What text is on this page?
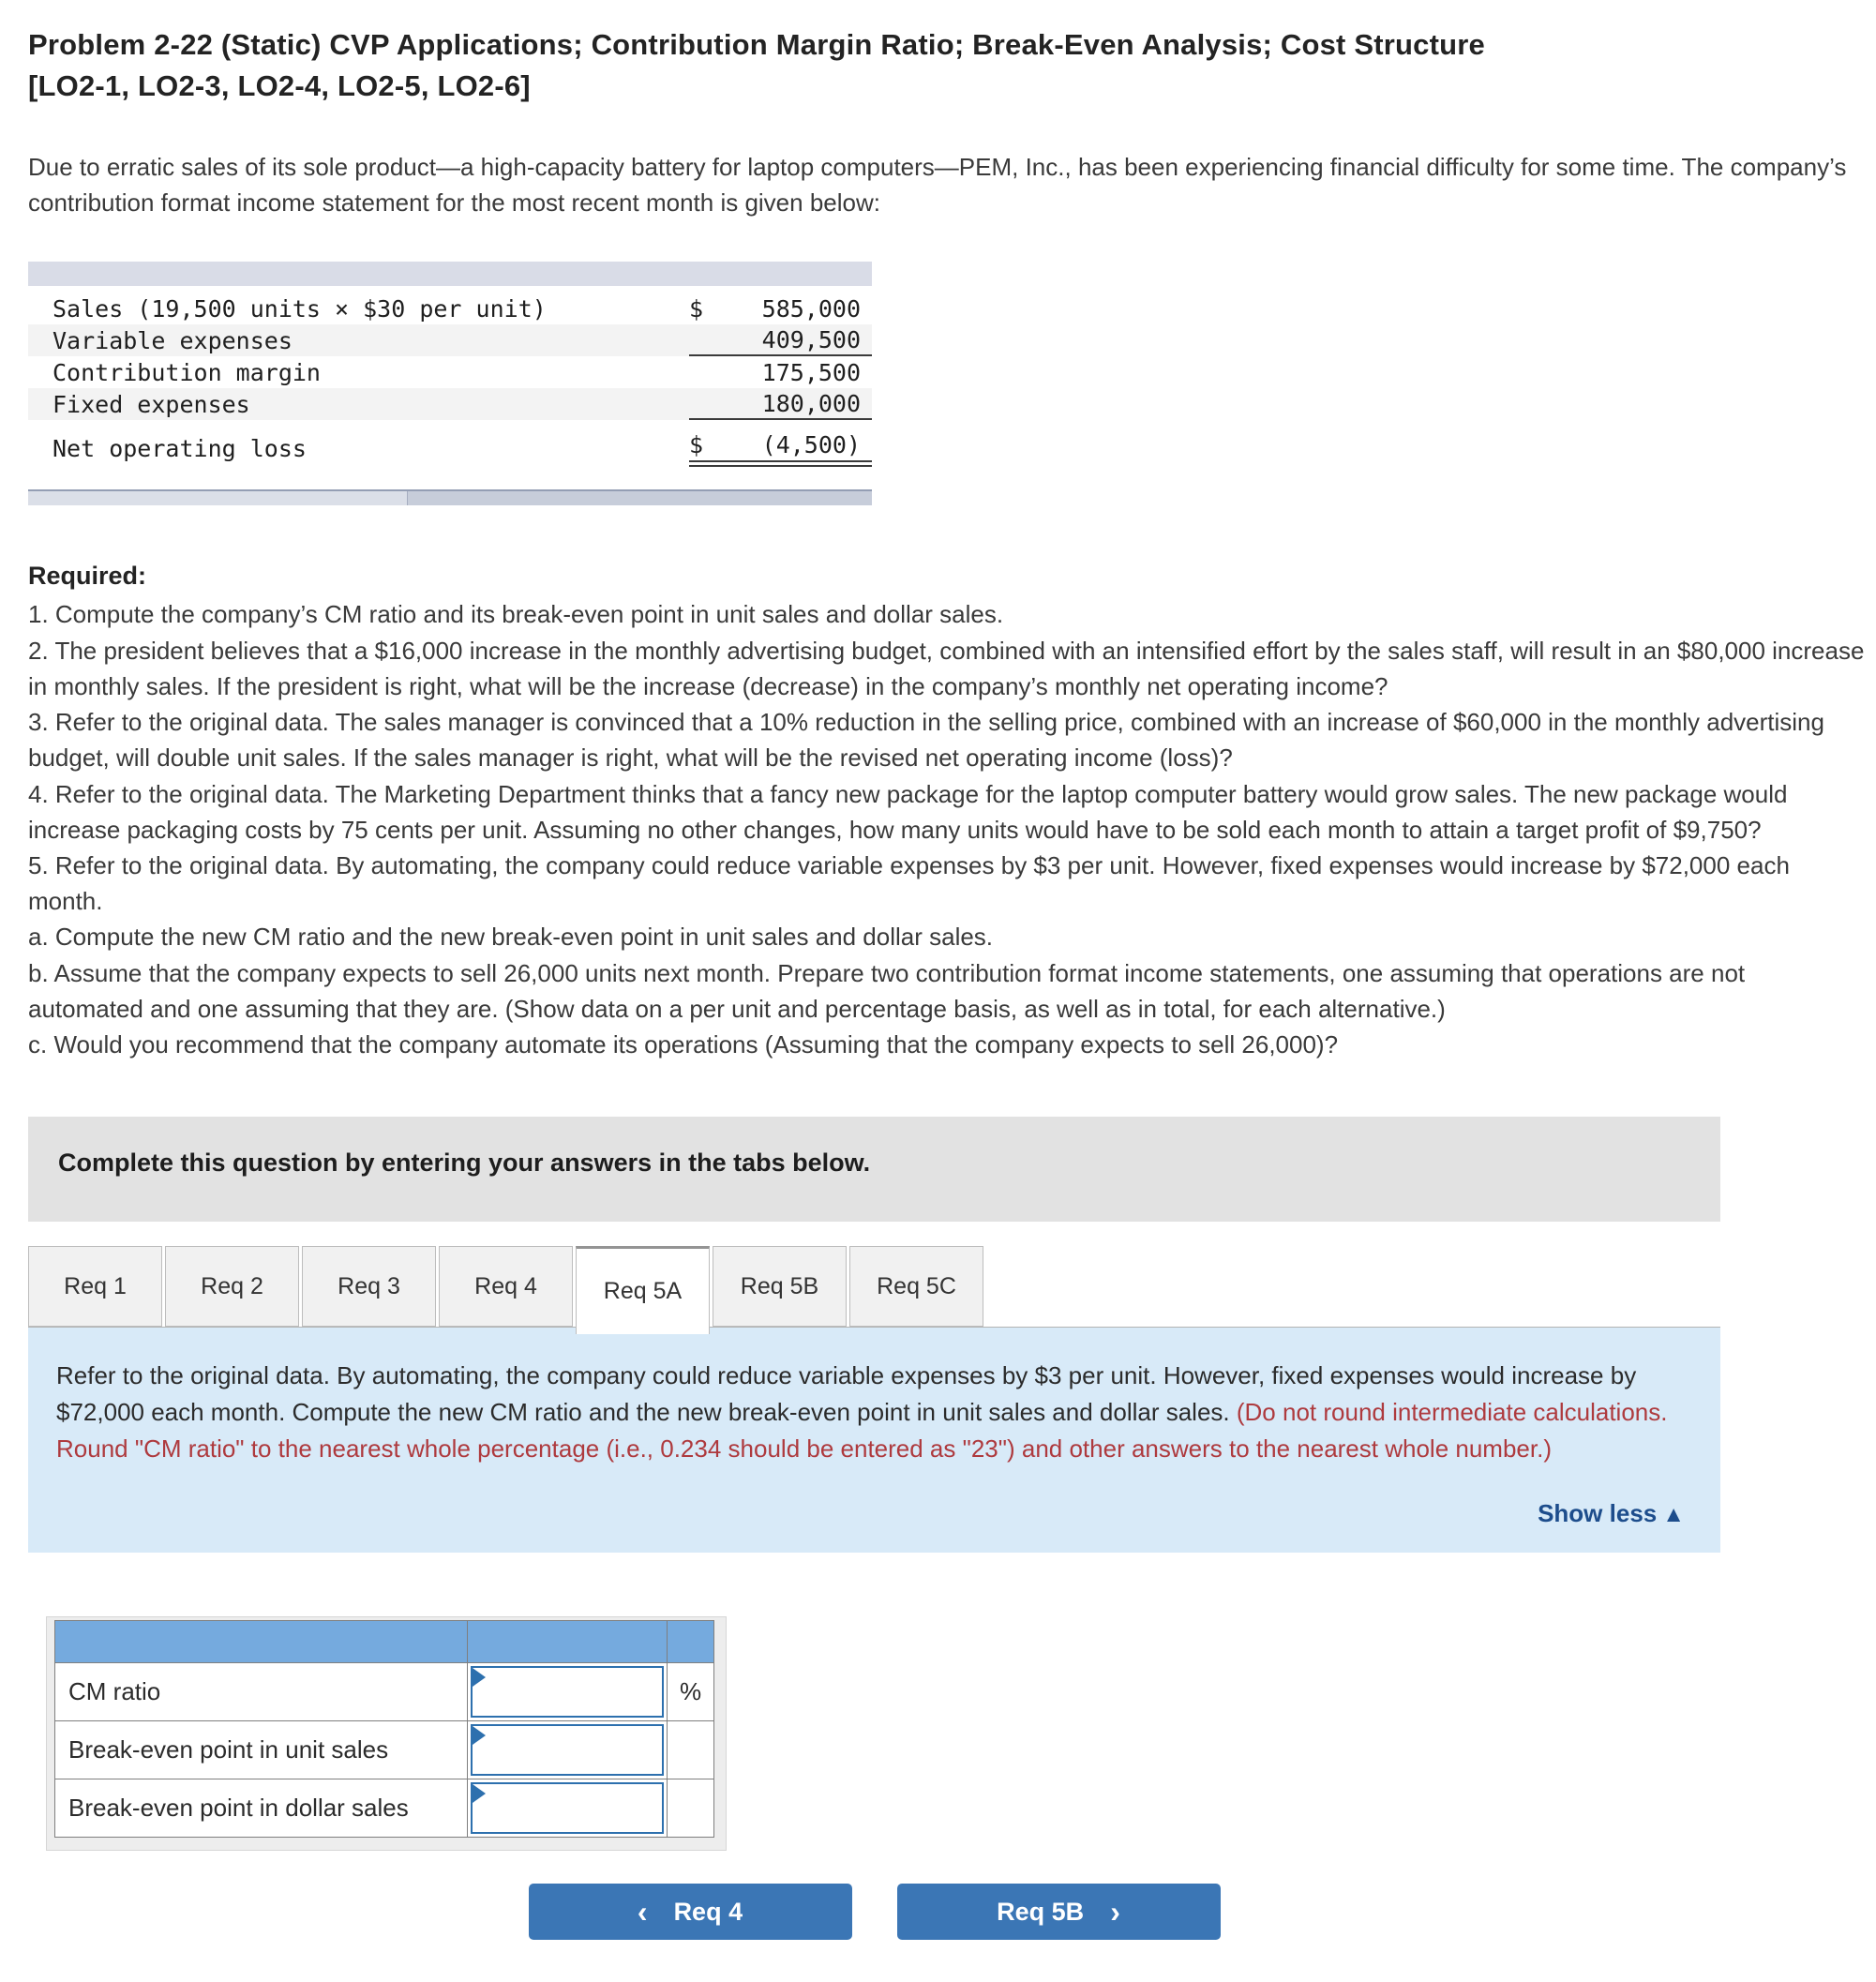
Problem 2-22 (Static) CVP Applications; Contribution Margin Ratio; Break-Even Analysis; Cost Structure
[LO2-1, LO2-3, LO2-4, LO2-5, LO2-6]

Due to erratic sales of its sole product—a high-capacity battery for laptop computers—PEM, Inc., has been experiencing financial difficulty for some time. The company’s contribution format income statement for the most recent month is given below:

Sales (19,500 units × $30 per unit)	$	585,000
Variable expenses	409,500
Contribution margin	175,500
Fixed expenses	180,000
Net operating loss	$	(4,500)

Required:

1. Compute the company’s CM ratio and its break-even point in unit sales and dollar sales.

2. The president believes that a $16,000 increase in the monthly advertising budget, combined with an intensified effort by the sales staff, will result in an $80,000 increase in monthly sales. If the president is right, what will be the increase (decrease) in the company’s monthly net operating income?

3. Refer to the original data. The sales manager is convinced that a 10% reduction in the selling price, combined with an increase of $60,000 in the monthly advertising budget, will double unit sales. If the sales manager is right, what will be the revised net operating income (loss)?

4. Refer to the original data. The Marketing Department thinks that a fancy new package for the laptop computer battery would grow sales. The new package would increase packaging costs by 75 cents per unit. Assuming no other changes, how many units would have to be sold each month to attain a target profit of $9,750?

5. Refer to the original data. By automating, the company could reduce variable expenses by $3 per unit. However, fixed expenses would increase by $72,000 each month.

a. Compute the new CM ratio and the new break-even point in unit sales and dollar sales.

b. Assume that the company expects to sell 26,000 units next month. Prepare two contribution format income statements, one assuming that operations are not automated and one assuming that they are. (Show data on a per unit and percentage basis, as well as in total, for each alternative.)

c. Would you recommend that the company automate its operations (Assuming that the company expects to sell 26,000)?

Complete this question by entering your answers in the tabs below.
Req 1	Req 2	Req 3	Req 4	Req 5A	Req 5B	Req 5C

Refer to the original data. By automating, the company could reduce variable expenses by $3 per unit. However, fixed expenses would increase by $72,000 each month. Compute the new CM ratio and the new break-even point in unit sales and dollar sales. (Do not round intermediate calculations. Round "CM ratio" to the nearest whole percentage (i.e., 0.234 should be entered as "23") and other answers to the nearest whole number.)

Show less ▲

CM ratio		%
Break-even point in unit sales	

Break-even point in dollar sales	

‹ Req 4	Req 5B ›
